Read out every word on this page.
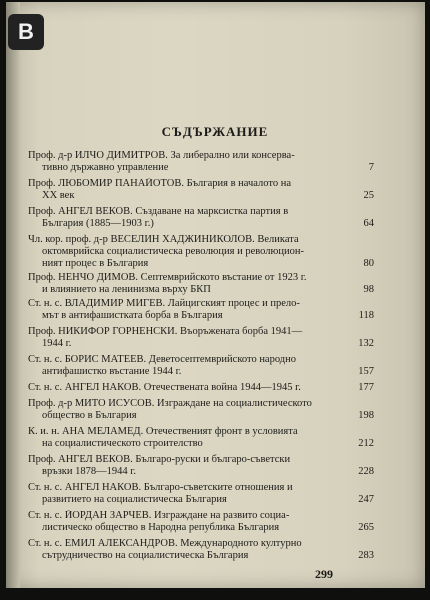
B
СЪДЪРЖАНИЕ
Проф. д-р ИЛЧО ДИМИТРОВ. За либерално или консерва-
тивно държавно управление	7
Проф. ЛЮБОМИР ПАНАЙОТОВ. България в началото на
XX век	25
Проф. АНГЕЛ ВЕКОВ. Създаване на марксистка партия в
България (1885—1903 г.)	64
Чл. кор. проф. д-р ВЕСЕЛИН ХАДЖИНИКОЛОВ. Великата
октомврийска социалистическа революция и революцион-
ният процес в България	80
Проф. НЕНЧО ДИМОВ. Септемврийското въстание от 1923 г.
и влиянието на ленинизма върху БКП	98
Ст. н. с. ВЛАДИМИР МИГЕВ. Лайцигският процес и прело-
мът в антифашистката борба в България	118
Проф. НИКИФОР ГОРНЕНСКИ. Въоръжената борба 1941—
1944 г.	132
Ст. н. с. БОРИС МАТЕЕВ. Деветосептемврийското народно
антифашистко въстание 1944 г.	157
Ст. н. с. АНГЕЛ НАКОВ. Отечествената война 1944—1945 г.	177
Проф. д-р МИТО ИСУСОВ. Изграждане на социалистическото
общество в България	198
К. и. н. АНА МЕЛАМЕД. Отечественият фронт в условията
на социалистическото строителство	212
Проф. АНГЕЛ ВЕКОВ. Българо-руски и българо-съветски
връзки 1878—1944 г.	228
Ст. н. с. АНГЕЛ НАКОВ. Българо-съветските отношения и
развитието на социалистическа България	247
Ст. н. с. ЙОРДАН ЗАРЧЕВ. Изграждане на развито социа-
листическо общество в Народна република България	265
Ст. н. с. ЕМИЛ АЛЕКСАНДРОВ. Международното културно
сътрудничество на социалистическа България	283
299
